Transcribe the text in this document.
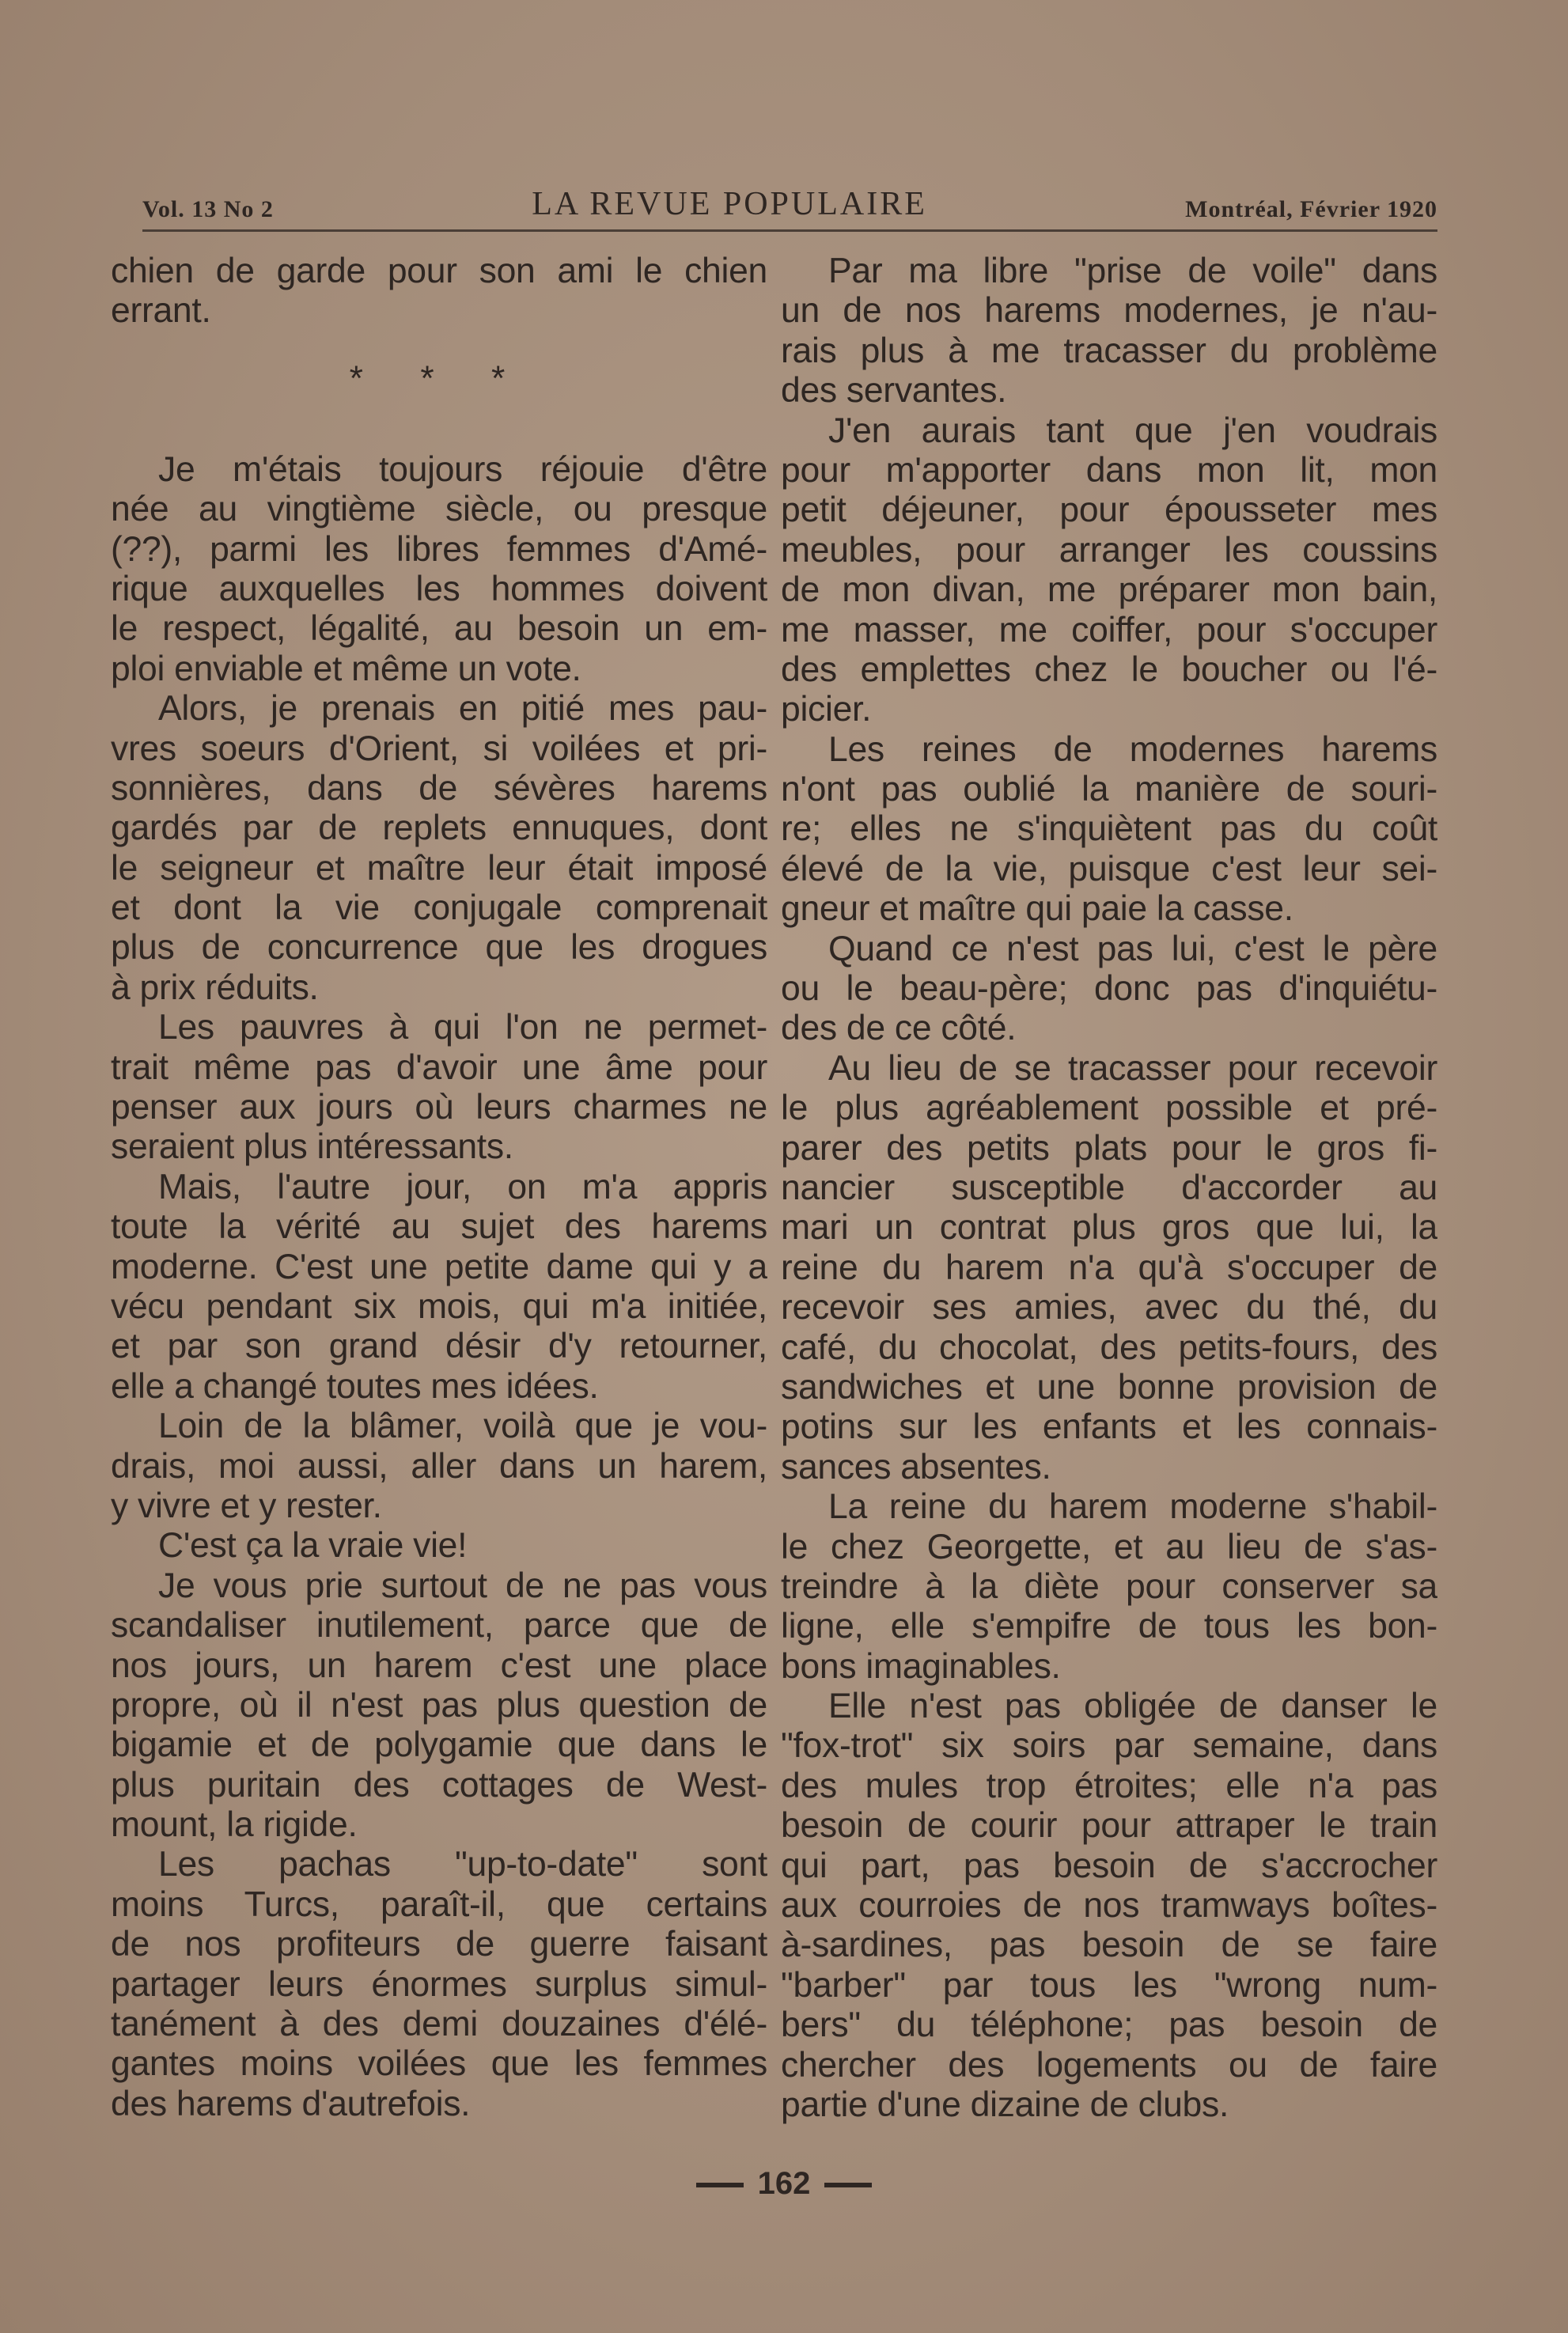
Vol. 13 No 2	LA REVUE POPULAIRE	Montréal, Février 1920
chien de garde pour son ami le chien
errant.
* * *
Je m'étais toujours réjouie d'être
née au vingtième siècle, ou presque
(??), parmi les libres femmes d'Amé-
rique auxquelles les hommes doivent
le respect, légalité, au besoin un em-
ploi enviable et même un vote.
Alors, je prenais en pitié mes pau-
vres soeurs d'Orient, si voilées et pri-
sonnières, dans de sévères harems
gardés par de replets ennuques, dont
le seigneur et maître leur était imposé
et dont la vie conjugale comprenait
plus de concurrence que les drogues
à prix réduits.
Les pauvres à qui l'on ne permet-
trait même pas d'avoir une âme pour
penser aux jours où leurs charmes ne
seraient plus intéressants.
Mais, l'autre jour, on m'a appris
toute la vérité au sujet des harems
moderne. C'est une petite dame qui y a
vécu pendant six mois, qui m'a initiée,
et par son grand désir d'y retourner,
elle a changé toutes mes idées.
Loin de la blâmer, voilà que je vou-
drais, moi aussi, aller dans un harem,
y vivre et y rester.
C'est ça la vraie vie!
Je vous prie surtout de ne pas vous
scandaliser inutilement, parce que de
nos jours, un harem c'est une place
propre, où il n'est pas plus question de
bigamie et de polygamie que dans le
plus puritain des cottages de West-
mount, la rigide.
Les pachas "up-to-date" sont
moins Turcs, paraît-il, que certains
de nos profiteurs de guerre faisant
partager leurs énormes surplus simul-
tanément à des demi douzaines d'élé-
gantes moins voilées que les femmes
des harems d'autrefois.
Par ma libre "prise de voile" dans
un de nos harems modernes, je n'au-
rais plus à me tracasser du problème
des servantes.
J'en aurais tant que j'en voudrais
pour m'apporter dans mon lit, mon
petit déjeuner, pour épousseter mes
meubles, pour arranger les coussins
de mon divan, me préparer mon bain,
me masser, me coiffer, pour s'occuper
des emplettes chez le boucher ou l'é-
picier.
Les reines de modernes harems
n'ont pas oublié la manière de souri-
re; elles ne s'inquiètent pas du coût
élevé de la vie, puisque c'est leur sei-
gneur et maître qui paie la casse.
Quand ce n'est pas lui, c'est le père
ou le beau-père; donc pas d'inquiétu-
des de ce côté.
Au lieu de se tracasser pour recevoir
le plus agréablement possible et pré-
parer des petits plats pour le gros fi-
nancier susceptible d'accorder au
mari un contrat plus gros que lui, la
reine du harem n'a qu'à s'occuper de
recevoir ses amies, avec du thé, du
café, du chocolat, des petits-fours, des
sandwiches et une bonne provision de
potins sur les enfants et les connais-
sances absentes.
La reine du harem moderne s'habil-
le chez Georgette, et au lieu de s'as-
treindre à la diète pour conserver sa
ligne, elle s'empifre de tous les bon-
bons imaginables.
Elle n'est pas obligée de danser le
"fox-trot" six soirs par semaine, dans
des mules trop étroites; elle n'a pas
besoin de courir pour attraper le train
qui part, pas besoin de s'accrocher
aux courroies de nos tramways boîtes-
à-sardines, pas besoin de se faire
"barber" par tous les "wrong num-
bers" du téléphone; pas besoin de
chercher des logements ou de faire
partie d'une dizaine de clubs.
162
